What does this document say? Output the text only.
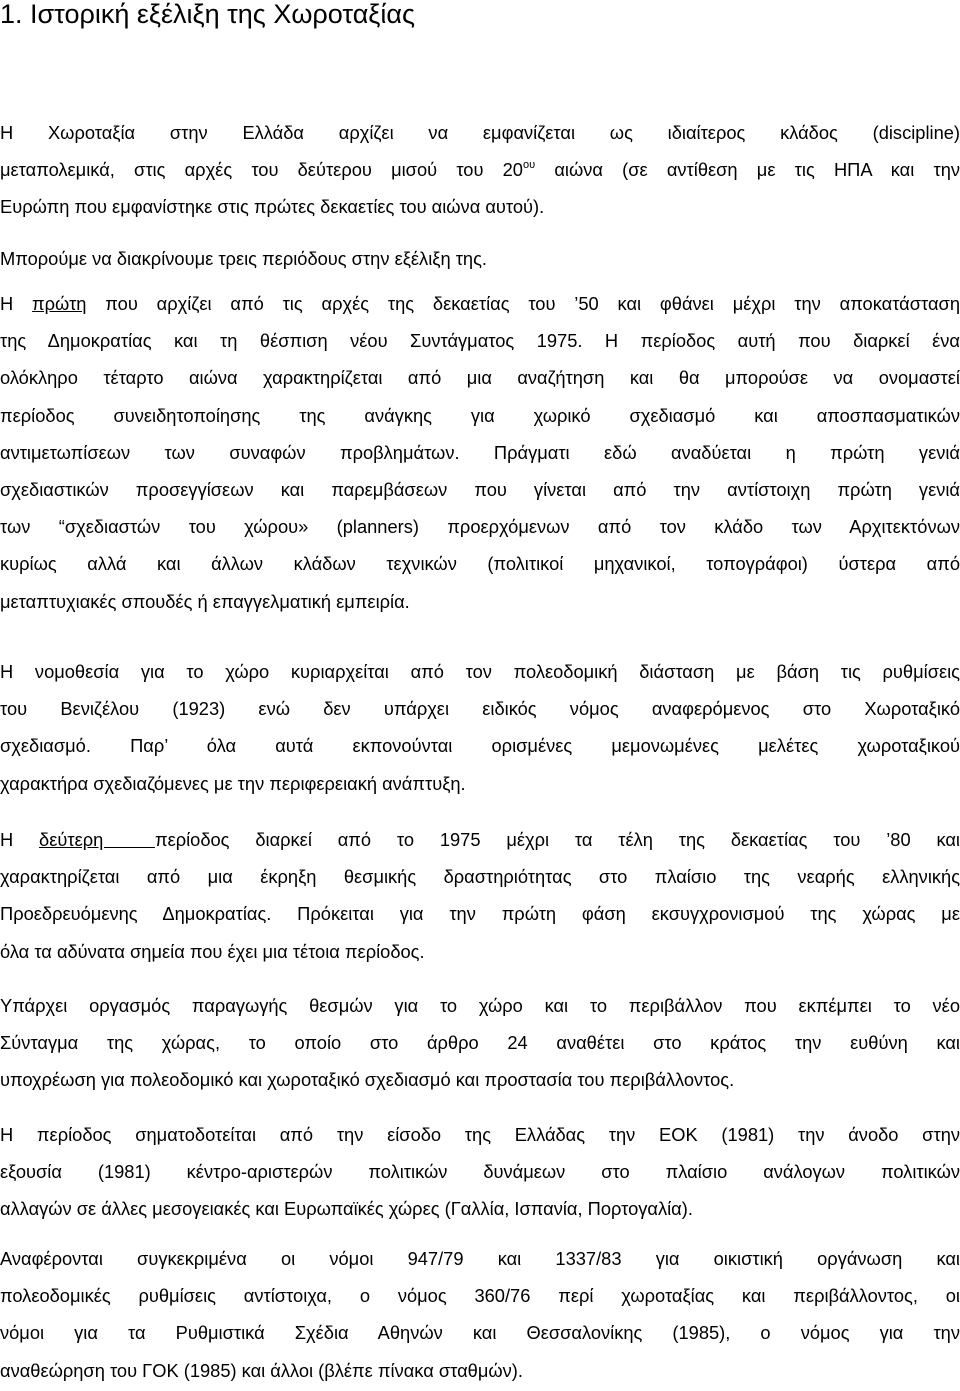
1. Ιστορική εξέλιξη της Χωροταξίας
Η Χωροταξία στην Ελλάδα αρχίζει να εμφανίζεται ως ιδιαίτερος κλάδος (discipline)
μεταπολεμικά, στις αρχές του δεύτερου μισού του $20^{o\upsilon}$ αιώνα (σε αντίθεση με τις ΗΠΑ και την
Ευρώπη που εμφανίστηκε στις πρώτες δεκαετίες του αιώνα αυτού).
Μπορούμε να διακρίνουμε τρεις περιόδους στην εξέλιξη της.
Η πρώτη που αρχίζει από τις αρχές της δεκαετίας του ’50 και φθάνει μέχρι την αποκατάσταση
της Δημοκρατίας και τη θέσπιση νέου Συντάγματος 1975. Η περίοδος αυτή που διαρκεί ένα
ολόκληρο τέταρτο αιώνα χαρακτηρίζεται από μια αναζήτηση και θα μπορούσε να ονομαστεί
περίοδος συνειδητοποίησης της ανάγκης για χωρικό σχεδιασμό και αποσπασματικών
αντιμετωπίσεων των συναφών προβλημάτων. Πράγματι εδώ αναδύεται η πρώτη γενιά
σχεδιαστικών προσεγγίσεων και παρεμβάσεων που γίνεται από την αντίστοιχη πρώτη γενιά
των “σχεδιαστών του χώρου» (planners) προερχόμενων από τον κλάδο των Αρχιτεκτόνων
κυρίως αλλά και άλλων κλάδων τεχνικών (πολιτικοί μηχανικοί, τοπογράφοι) ύστερα από
μεταπτυχιακές σπουδές ή επαγγελματική εμπειρία.
Η νομοθεσία για το χώρο κυριαρχείται από τον πολεοδομική διάσταση με βάση τις ρυθμίσεις
του Βενιζέλου (1923) ενώ δεν υπάρχει ειδικός νόμος αναφερόμενος στο Χωροταξικό
σχεδιασμό. Παρ’ όλα αυτά εκπονούνται ορισμένες μεμονωμένες μελέτες χωροταξικού
χαρακτήρα σχεδιαζόμενες με την περιφερειακή ανάπτυξη.
Η δεύτερη  περίοδος διαρκεί από το 1975 μέχρι τα τέλη της δεκαετίας του ’80 και
χαρακτηρίζεται από μια έκρηξη θεσμικής δραστηριότητας στο πλαίσιο της νεαρής ελληνικής
Προεδρευόμενης Δημοκρατίας. Πρόκειται για την πρώτη φάση εκσυγχρονισμού της χώρας με
όλα τα αδύνατα σημεία που έχει μια τέτοια περίοδος.
Υπάρχει οργασμός παραγωγής θεσμών για το χώρο και το περιβάλλον που εκπέμπει το νέο
Σύνταγμα της χώρας, το οποίο στο άρθρο 24 αναθέτει στο κράτος την ευθύνη και
υποχρέωση για πολεοδομικό και χωροταξικό σχεδιασμό και προστασία του περιβάλλοντος.
Η περίοδος σηματοδοτείται από την είσοδο της Ελλάδας την ΕΟΚ (1981) την άνοδο στην
εξουσία (1981) κέντρο-αριστερών πολιτικών δυνάμεων στο πλαίσιο ανάλογων πολιτικών
αλλαγών σε άλλες μεσογειακές και Ευρωπαϊκές χώρες (Γαλλία, Ισπανία, Πορτογαλία).
Αναφέρονται συγκεκριμένα οι νόμοι 947/79 και 1337/83 για οικιστική οργάνωση και
πολεοδομικές ρυθμίσεις αντίστοιχα, ο νόμος 360/76 περί χωροταξίας και περιβάλλοντος, οι
νόμοι για τα Ρυθμιστικά Σχέδια Αθηνών και Θεσσαλονίκης (1985), ο νόμος για την
αναθεώρηση του ΓΟΚ (1985) και άλλοι (βλέπε πίνακα σταθμών).
